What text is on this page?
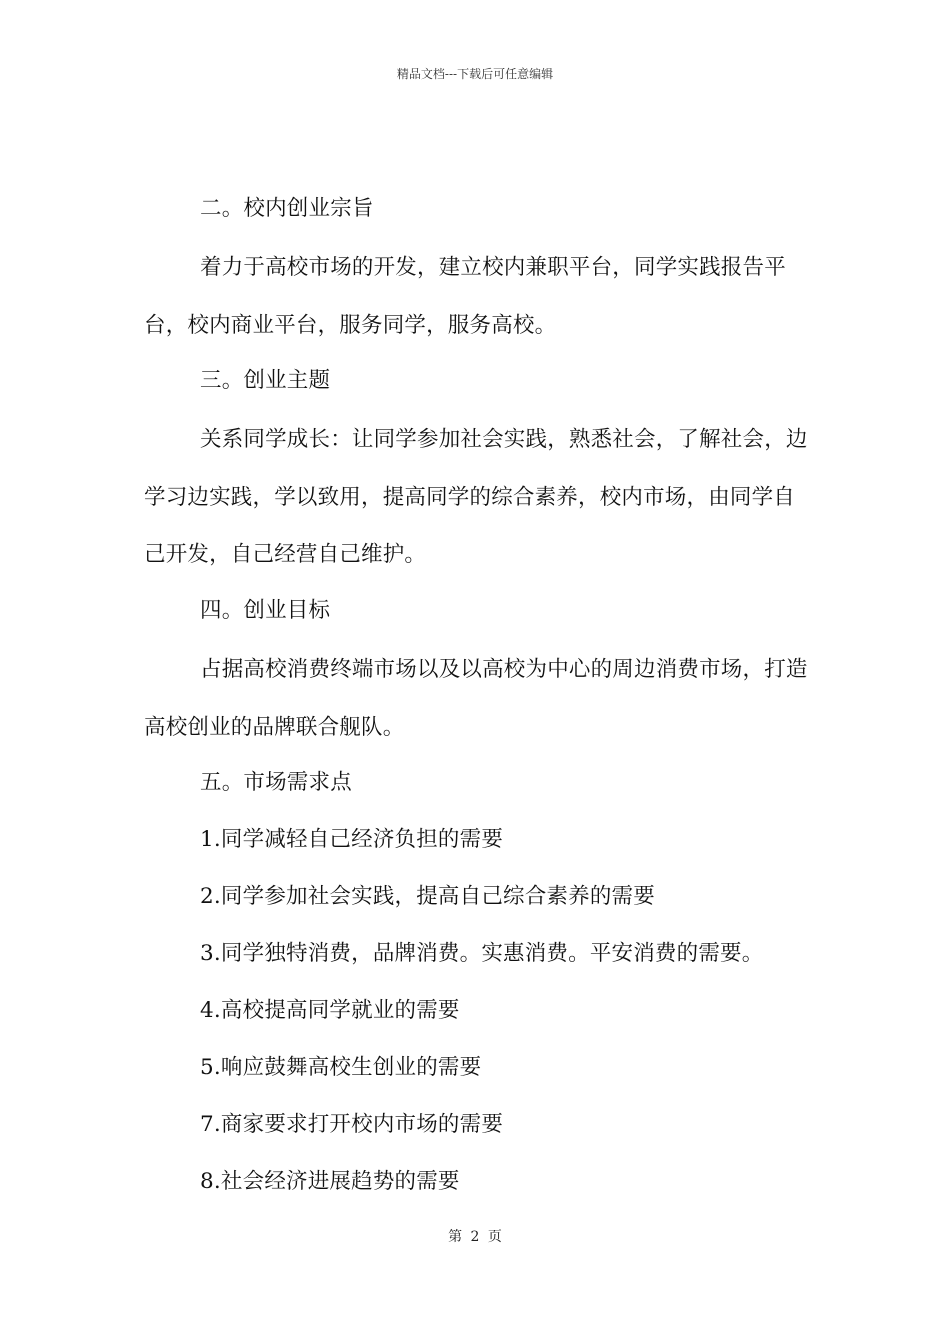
精品文档---下载后可任意编辑
二。校内创业宗旨
着力于高校市场的开发，建立校内兼职平台，同学实践报告平台，校内商业平台，服务同学，服务高校。
三。创业主题
关系同学成长：让同学参加社会实践，熟悉社会，了解社会，边学习边实践，学以致用，提高同学的综合素养，校内市场，由同学自己开发，自己经营自己维护。
四。创业目标
占据高校消费终端市场以及以高校为中心的周边消费市场，打造高校创业的品牌联合舰队。
五。市场需求点
1.同学减轻自己经济负担的需要
2.同学参加社会实践，提高自己综合素养的需要
3.同学独特消费，品牌消费。实惠消费。平安消费的需要。
4.高校提高同学就业的需要
5.响应鼓舞高校生创业的需要
7.商家要求打开校内市场的需要
8.社会经济进展趋势的需要
第 2 页
